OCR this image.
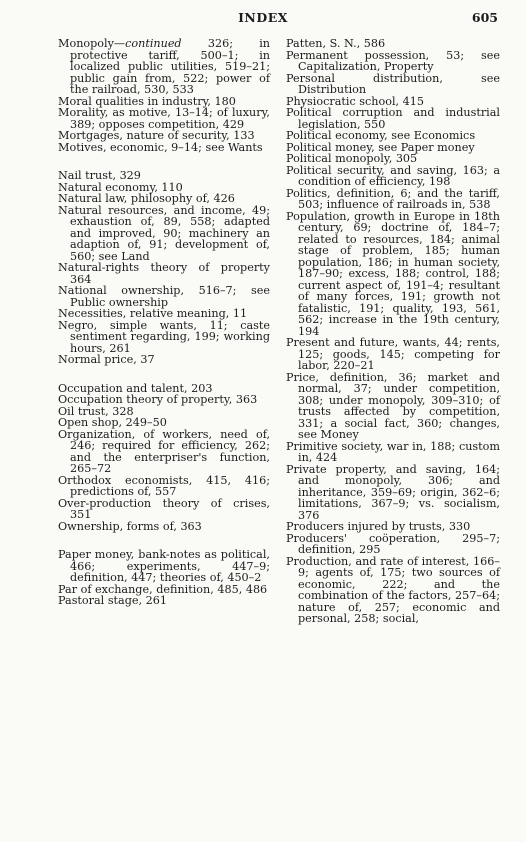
INDEX	605

Monopoly—continued 326; in protective tariff, 500–1; in localized public utilities, 519–21; public gain from, 522; power of the railroad, 530, 533

Moral qualities in industry, 180

Morality, as motive, 13–14; of luxury, 389; opposes competition, 429

Mortgages, nature of security, 133

Motives, economic, 9–14; see Wants

Nail trust, 329

Natural economy, 110

Natural law, philosophy of, 426

Natural resources, and income, 49; exhaustion of, 89, 558; adapted and improved, 90; machinery an adaption of, 91; development of, 560; see Land

Natural-rights theory of property 364

National ownership, 516–7; see Public ownership

Necessities, relative meaning, 11

Negro, simple wants, 11; caste sentiment regarding, 199; working hours, 261

Normal price, 37

Occupation and talent, 203

Occupation theory of property, 363

Oil trust, 328

Open shop, 249–50

Organization, of workers, need of, 246; required for efficiency, 262; and the enterpriser's function, 265–72

Orthodox economists, 415, 416; predictions of, 557

Over-production theory of crises, 351

Ownership, forms of, 363

Paper money, bank-notes as political, 466; experiments, 447–9; definition, 447; theories of, 450–2

Par of exchange, definition, 485, 486

Pastoral stage, 261

Patten, S. N., 586

Permanent possession, 53; see Capitalization, Property

Personal distribution, see Distribution

Physiocratic school, 415

Political corruption and industrial legislation, 550

Political economy, see Economics

Political money, see Paper money

Political monopoly, 305

Political security, and saving, 163; a condition of efficiency, 198

Politics, definition, 6; and the tariff, 503; influence of railroads in, 538

Population, growth in Europe in 18th century, 69; doctrine of, 184–7; related to resources, 184; animal stage of problem, 185; human population, 186; in human society, 187–90; excess, 188; control, 188; current aspect of, 191–4; resultant of many forces, 191; growth not fatalistic, 191; quality, 193, 561, 562; increase in the 19th century, 194

Present and future, wants, 44; rents, 125; goods, 145; competing for labor, 220–21

Price, definition, 36; market and normal, 37; under competition, 308; under monopoly, 309–310; of trusts affected by competition, 331; a social fact, 360; changes, see Money

Primitive society, war in, 188; custom in, 424

Private property, and saving, 164; and monopoly, 306; and inheritance, 359–69; origin, 362–6; limitations, 367–9; vs. socialism, 376

Producers injured by trusts, 330

Producers' coöperation, 295–7; definition, 295

Production, and rate of interest, 166–9; agents of, 175; two sources of economic, 222; and the combination of the factors, 257–64; nature of, 257; economic and personal, 258; social,
